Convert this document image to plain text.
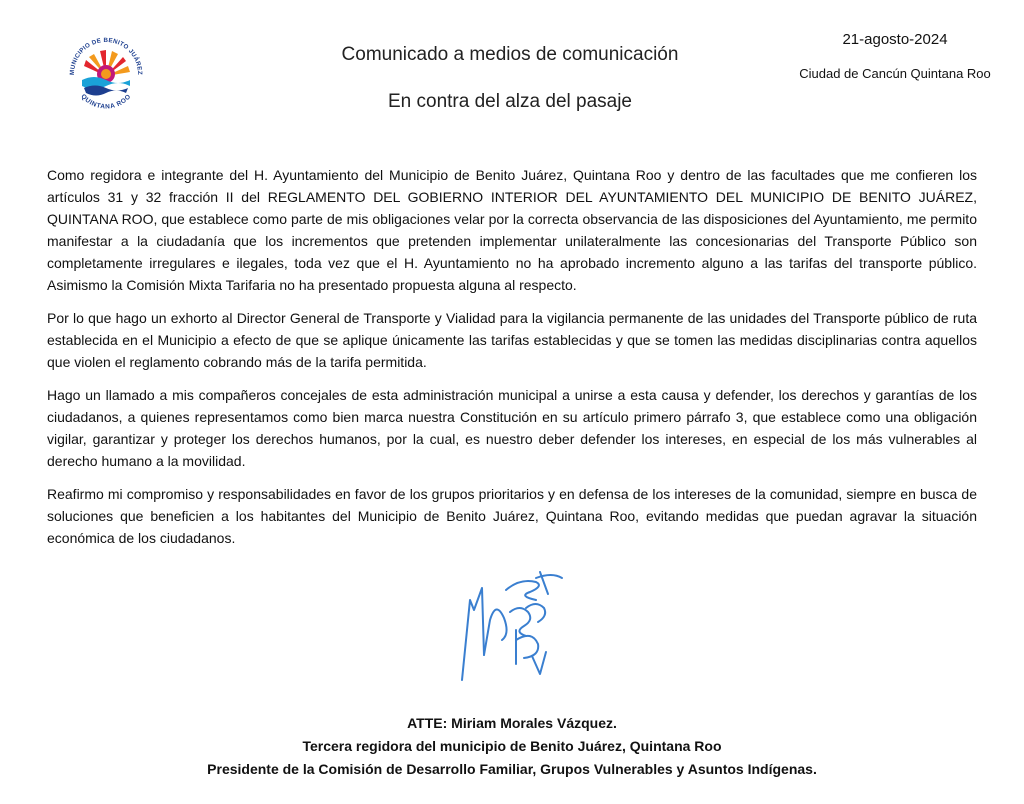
MUNICIPIO DE BENITO JUÁREZ
QUINTANA ROO
Comunicado a medios de comunicación
En contra del alza del pasaje
21-agosto-2024
Ciudad de Cancún Quintana Roo

Como regidora e integrante del H. Ayuntamiento del Municipio de Benito Juárez, Quintana Roo y dentro de las facultades que me confieren los artículos 31 y 32 fracción II del REGLAMENTO DEL GOBIERNO INTERIOR DEL AYUNTAMIENTO DEL MUNICIPIO DE BENITO JUÁREZ, QUINTANA ROO, que establece como parte de mis obligaciones velar por la correcta observancia de las disposiciones del Ayuntamiento, me permito manifestar a la ciudadanía que los incrementos que pretenden implementar unilateralmente las concesionarias del Transporte Público son completamente irregulares e ilegales, toda vez que el H. Ayuntamiento no ha aprobado incremento alguno a las tarifas del transporte público. Asimismo la Comisión Mixta Tarifaria no ha presentado propuesta alguna al respecto.

Por lo que hago un exhorto al Director General de Transporte y Vialidad para la vigilancia permanente de las unidades del Transporte público de ruta establecida en el Municipio a efecto de que se aplique únicamente las tarifas establecidas y que se tomen las medidas disciplinarias contra aquellos que violen el reglamento cobrando más de la tarifa permitida.

Hago un llamado a mis compañeros concejales de esta administración municipal a unirse a esta causa y defender, los derechos y garantías de los ciudadanos, a quienes representamos como bien marca nuestra Constitución en su artículo primero párrafo 3, que establece como una obligación vigilar, garantizar y proteger los derechos humanos, por la cual, es nuestro deber defender los intereses, en especial de los más vulnerables al derecho humano a la movilidad.

Reafirmo mi compromiso y responsabilidades en favor de los grupos prioritarios y en defensa de los intereses de la comunidad, siempre en busca de soluciones que beneficien a los habitantes del Municipio de Benito Juárez, Quintana Roo, evitando medidas que puedan agravar la situación económica de los ciudadanos.

ATTE: Miriam Morales Vázquez.
Tercera regidora del municipio de Benito Juárez, Quintana Roo
Presidente de la Comisión de Desarrollo Familiar, Grupos Vulnerables y Asuntos Indígenas.
